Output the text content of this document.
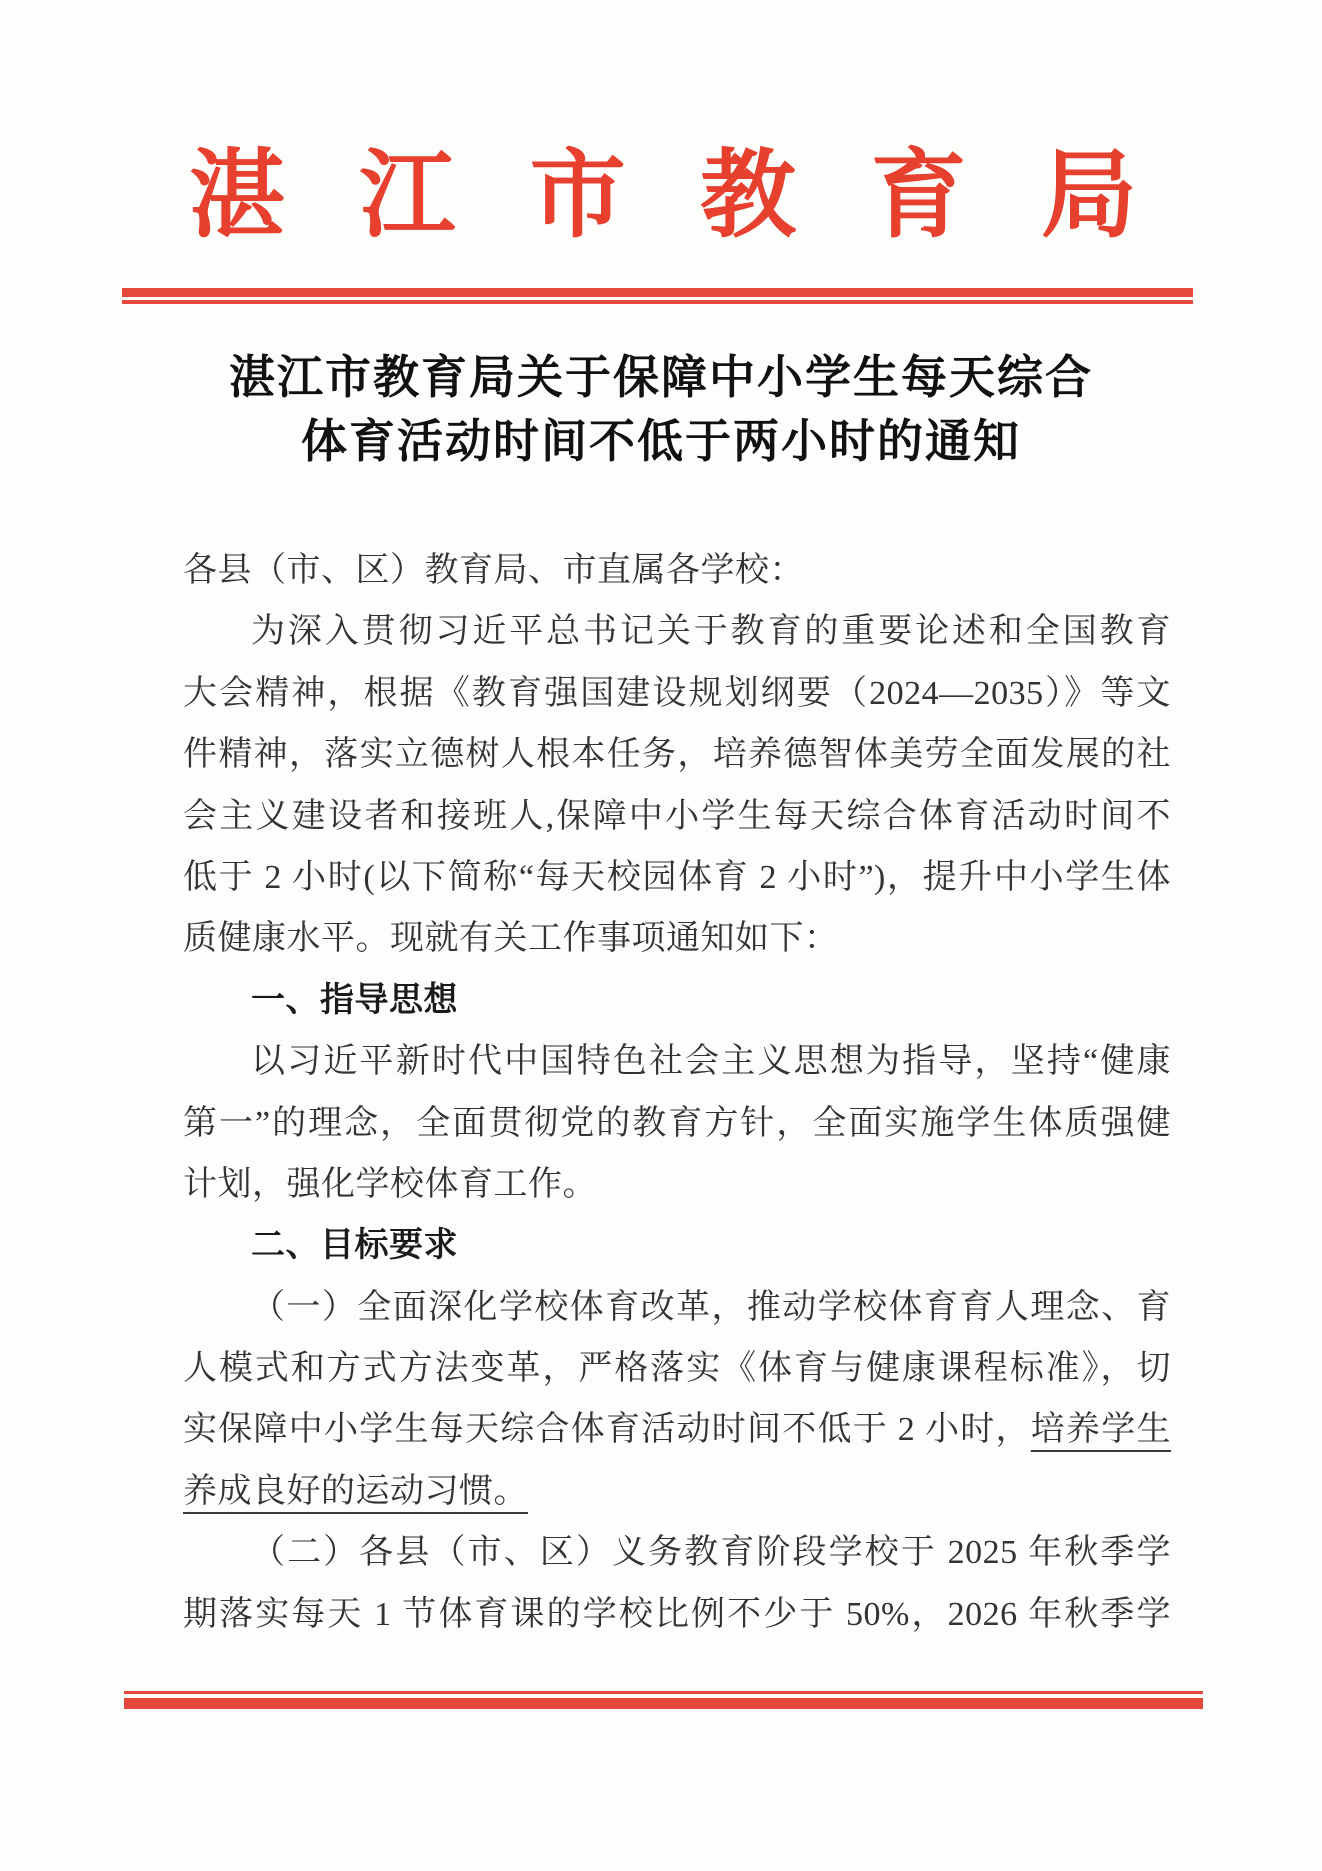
湛 江 市 教 育 局
湛江市教育局关于保障中小学生每天综合
体育活动时间不低于两小时的通知
各县（市、区）教育局、市直属各学校：
为深入贯彻习近平总书记关于教育的重要论述和全国教育
大会精神，根据《教育强国建设规划纲要（2024—2035）》等文
件精神，落实立德树人根本任务，培养德智体美劳全面发展的社
会主义建设者和接班人,保障中小学生每天综合体育活动时间不
低于 2 小时(以下简称“每天校园体育 2 小时”)，提升中小学生体
质健康水平。现就有关工作事项通知如下：
一、指导思想
以习近平新时代中国特色社会主义思想为指导，坚持“健康
第一”的理念，全面贯彻党的教育方针，全面实施学生体质强健
计划，强化学校体育工作。
二、目标要求
（一）全面深化学校体育改革，推动学校体育育人理念、育
人模式和方式方法变革，严格落实《体育与健康课程标准》，切
实保障中小学生每天综合体育活动时间不低于 2 小时，培养学生
养成良好的运动习惯。
（二）各县（市、区）义务教育阶段学校于 2025 年秋季学
期落实每天 1 节体育课的学校比例不少于 50%，2026 年秋季学
